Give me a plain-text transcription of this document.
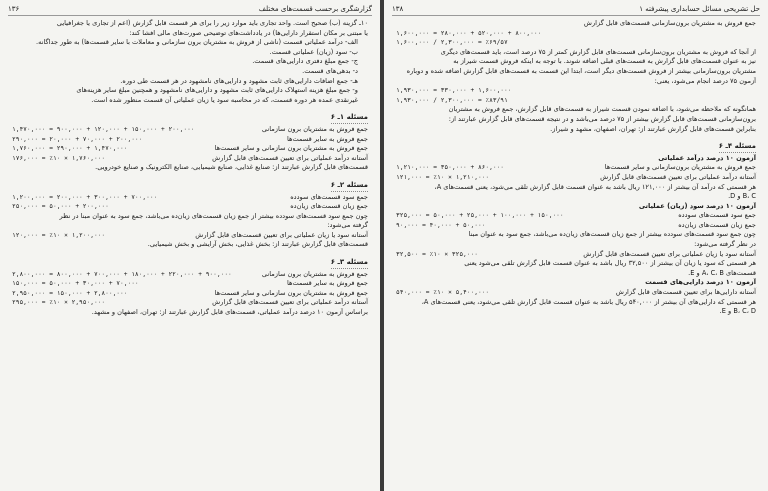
گزارشگری برحسب قسمت‌های مختلف
۱۳۶
۱۰ـ گزینه (ب) صحیح است. واحد تجاری باید موارد زیر را برای هر قسمت قابل گزارش (اعم از تجاری یا جغرافیایی
یا مبتنی بر مکان استقرار دارایی‌ها) در یادداشت‌های توضیحی صورت‌های مالی افشا کند:
الف- درآمد عملیاتی قسمت (ناشی از فروش به مشتریان برون سازمانی و معاملات با سایر قسمت‌ها) به طور جداگانه.
ب- سود (زیان) عملیاتی قسمت.
ج- جمع مبلغ دفتری دارایی‌های قسمت.
د- بدهی‌های قسمت.
هـ- جمع اضافات دارایی‌های ثابت مشهود و دارایی‌های نامشهود در هر قسمت طی دوره.
و- جمع مبلغ هزینه استهلاک دارایی‌های ثابت مشهود و دارایی‌های نامشهود و همچنین مبلغ سایر هزینه‌های
غیرنقدی عمده هر دوره قسمت، که در محاسبه سود یا زیان عملیاتی آن قسمت منظور شده است.
مسئله ۱ـ ۶
جمع فروش به مشتریان برون سازمانی
۱,۴۷۰,۰۰۰ = ۹۰۰,۰۰۰ + ۱۲۰,۰۰۰ + ۱۵۰,۰۰۰ + ۲۰۰,۰۰۰
جمع فروش به سایر قسمت‌ها
۲۹۰,۰۰۰ = ۲۰,۰۰۰ + ۷۰,۰۰۰ + ۲۰۰,۰۰۰
جمع فروش به مشتریان برون سازمانی و سایر قسمت‌ها
۱,۷۶۰,۰۰۰ = ۲۹۰,۰۰۰ + ۱,۴۷۰,۰۰۰
آستانه درآمد عملیاتی برای تعیین قسمت‌های قابل گزارش
۱۷۶,۰۰۰ = ٪۱۰ × ۱,۷۶۰,۰۰۰
قسمت‌های قابل گزارش عبارتند از: صنایع غذایی، صنایع شیمیایی، صنایع الکترونیک و صنایع خودرویی.
مسئله ۲ـ ۶
جمع سود قسمت‌های سودده
۱,۲۰۰,۰۰۰ = ۲۰۰,۰۰۰ + ۳۰۰,۰۰۰ + ۷۰۰,۰۰۰
جمع زیان قسمت‌های زیان‌ده
۲۵۰,۰۰۰ = ۵۰,۰۰۰ + ۲۰۰,۰۰۰
چون جمع سود قسمت‌های سودده بیشتر از جمع زیان قسمت‌های زیان‌ده می‌باشد، جمع سود به عنوان مبنا در نظر
گرفته می‌شود:
آستانه سود یا زیان عملیاتی برای تعیین قسمت‌های قابل گزارش
۱۲۰,۰۰۰ = ٪۱۰ × ۱,۲۰۰,۰۰۰
قسمت‌های قابل گزارش عبارتند از: بخش غذایی، بخش آرایشی و بخش شیمیایی.
مسئله ۳ـ ۶
جمع فروش به مشتریان برون سازمانی
۲,۸۰۰,۰۰۰ = ۸۰۰,۰۰۰ + ۷۰۰,۰۰۰ + ۱۸۰,۰۰۰ + ۲۲۰,۰۰۰ + ۹۰۰,۰۰۰
جمع فروش به سایر قسمت‌ها
۱۵۰,۰۰۰ = ۵۰,۰۰۰ + ۳۰,۰۰۰ + ۷۰,۰۰۰
جمع فروش به مشتریان برون سازمانی و سایر قسمت‌ها
۲,۹۵۰,۰۰۰ = ۱۵۰,۰۰۰ + ۲,۸۰۰,۰۰۰
آستانه درآمد عملیاتی برای تعیین قسمت‌های قابل گزارش
۲۹۵,۰۰۰ = ٪۱۰ × ۲,۹۵۰,۰۰۰
براساس آزمون ۱۰ درصد درآمد عملیاتی، قسمت‌های قابل گزارش عبارتند از: تهران، اصفهان و مشهد.
حل تشریحی مسائل حسابداری پیشرفته ۱
۱۳۸
جمع فروش به مشتریان برون‌سازمانی قسمت‌های قابل گزارش
۱,۶۰۰,۰۰۰ = ۲۸۰,۰۰۰ + ۵۲۰,۰۰۰ + ۸۰۰,۰۰۰
۱,۶۰۰,۰۰۰ / ۲,۳۰۰,۰۰۰ = ٪۶۹/۵۷
از آنجا که فروش به مشتریان برون‌سازمانی قسمت‌های قابل گزارش کمتر از ۷۵ درصد است، باید قسمت‌های دیگری
نیز به عنوان قسمت‌های قابل گزارش به قسمت‌های قبلی اضافه شوند. با توجه به اینکه فروش قسمت شیراز به
مشتریان برون‌سازمانی بیشتر از فروش قسمت‌های دیگر است، ابتدا این قسمت به قسمت‌های قابل گزارش اضافه شده و دوباره
آزمون ۷۵ درصد انجام می‌شود، یعنی:
۱,۹۳۰,۰۰۰ = ۳۳۰,۰۰۰ + ۱,۶۰۰,۰۰۰
۱,۹۳۰,۰۰۰ / ۲,۳۰۰,۰۰۰ = ٪۸۳/۹۱
همانگونه که ملاحظه می‌شود، با اضافه نمودن قسمت شیراز به قسمت‌های قابل گزارش، جمع فروش به مشتریان
برون‌سازمانی قسمت‌های قابل گزارش بیشتر از ۷۵ درصد می‌باشد و در نتیجه قسمت‌های قابل گزارش عبارتند از:
بنابراین قسمت‌های قابل گزارش عبارتند از: تهران، اصفهان، مشهد و شیراز.
مسئله ۴ـ ۶
آزمون ۱۰ درصد درآمد عملیاتی
جمع فروش به مشتریان برون‌سازمانی و سایر قسمت‌ها
۱,۲۱۰,۰۰۰ = ۳۵۰,۰۰۰ + ۸۶۰,۰۰۰
آستانه درآمد عملیاتی برای تعیین قسمت‌های قابل گزارش
۱۲۱,۰۰۰ = ٪۱۰ × ۱,۲۱۰,۰۰۰
هر قسمتی که درآمد آن بیشتر از ۱۲۱,۰۰۰ ریال باشد به عنوان قسمت قابل گزارش تلقی می‌شود، یعنی قسمت‌های A،
B، C و D.
آزمون ۱۰ درصد سود (زیان) عملیاتی
جمع سود قسمت‌های سودده
۳۲۵,۰۰۰ = ۵۰,۰۰۰ + ۲۵,۰۰۰ + ۱۰۰,۰۰۰ + ۱۵۰,۰۰۰
جمع زیان قسمت‌های زیان‌ده
۹۰,۰۰۰ = ۴۰,۰۰۰ + ۵۰,۰۰۰
چون جمع سود قسمت‌های سودده بیشتر از جمع زیان قسمت‌های زیان‌ده می‌باشد، جمع سود به عنوان مبنا
در نظر گرفته می‌شود:
آستانه سود یا زیان عملیاتی برای تعیین قسمت‌های قابل گزارش
۳۲,۵۰۰ = ٪۱۰ × ۳۲۵,۰۰۰
هر قسمتی که سود یا زیان آن بیشتر از ۳۲,۵۰۰ ریال باشد به عنوان قسمت قابل گزارش تلقی می‌شود یعنی
قسمت‌های A، C، B و E.
آزمون ۱۰ درصد دارایی‌های قسمت
آستانه دارایی‌ها برای تعیین قسمت‌های قابل گزارش
۵۴۰,۰۰۰ = ٪۱۰ × ۵,۴۰۰,۰۰۰
هر قسمتی که دارایی‌های آن بیشتر از ۵۴۰,۰۰۰ ریال باشد به عنوان قسمت قابل گزارش تلقی می‌شود، یعنی قسمت‌های A،
B، C، D و E.
